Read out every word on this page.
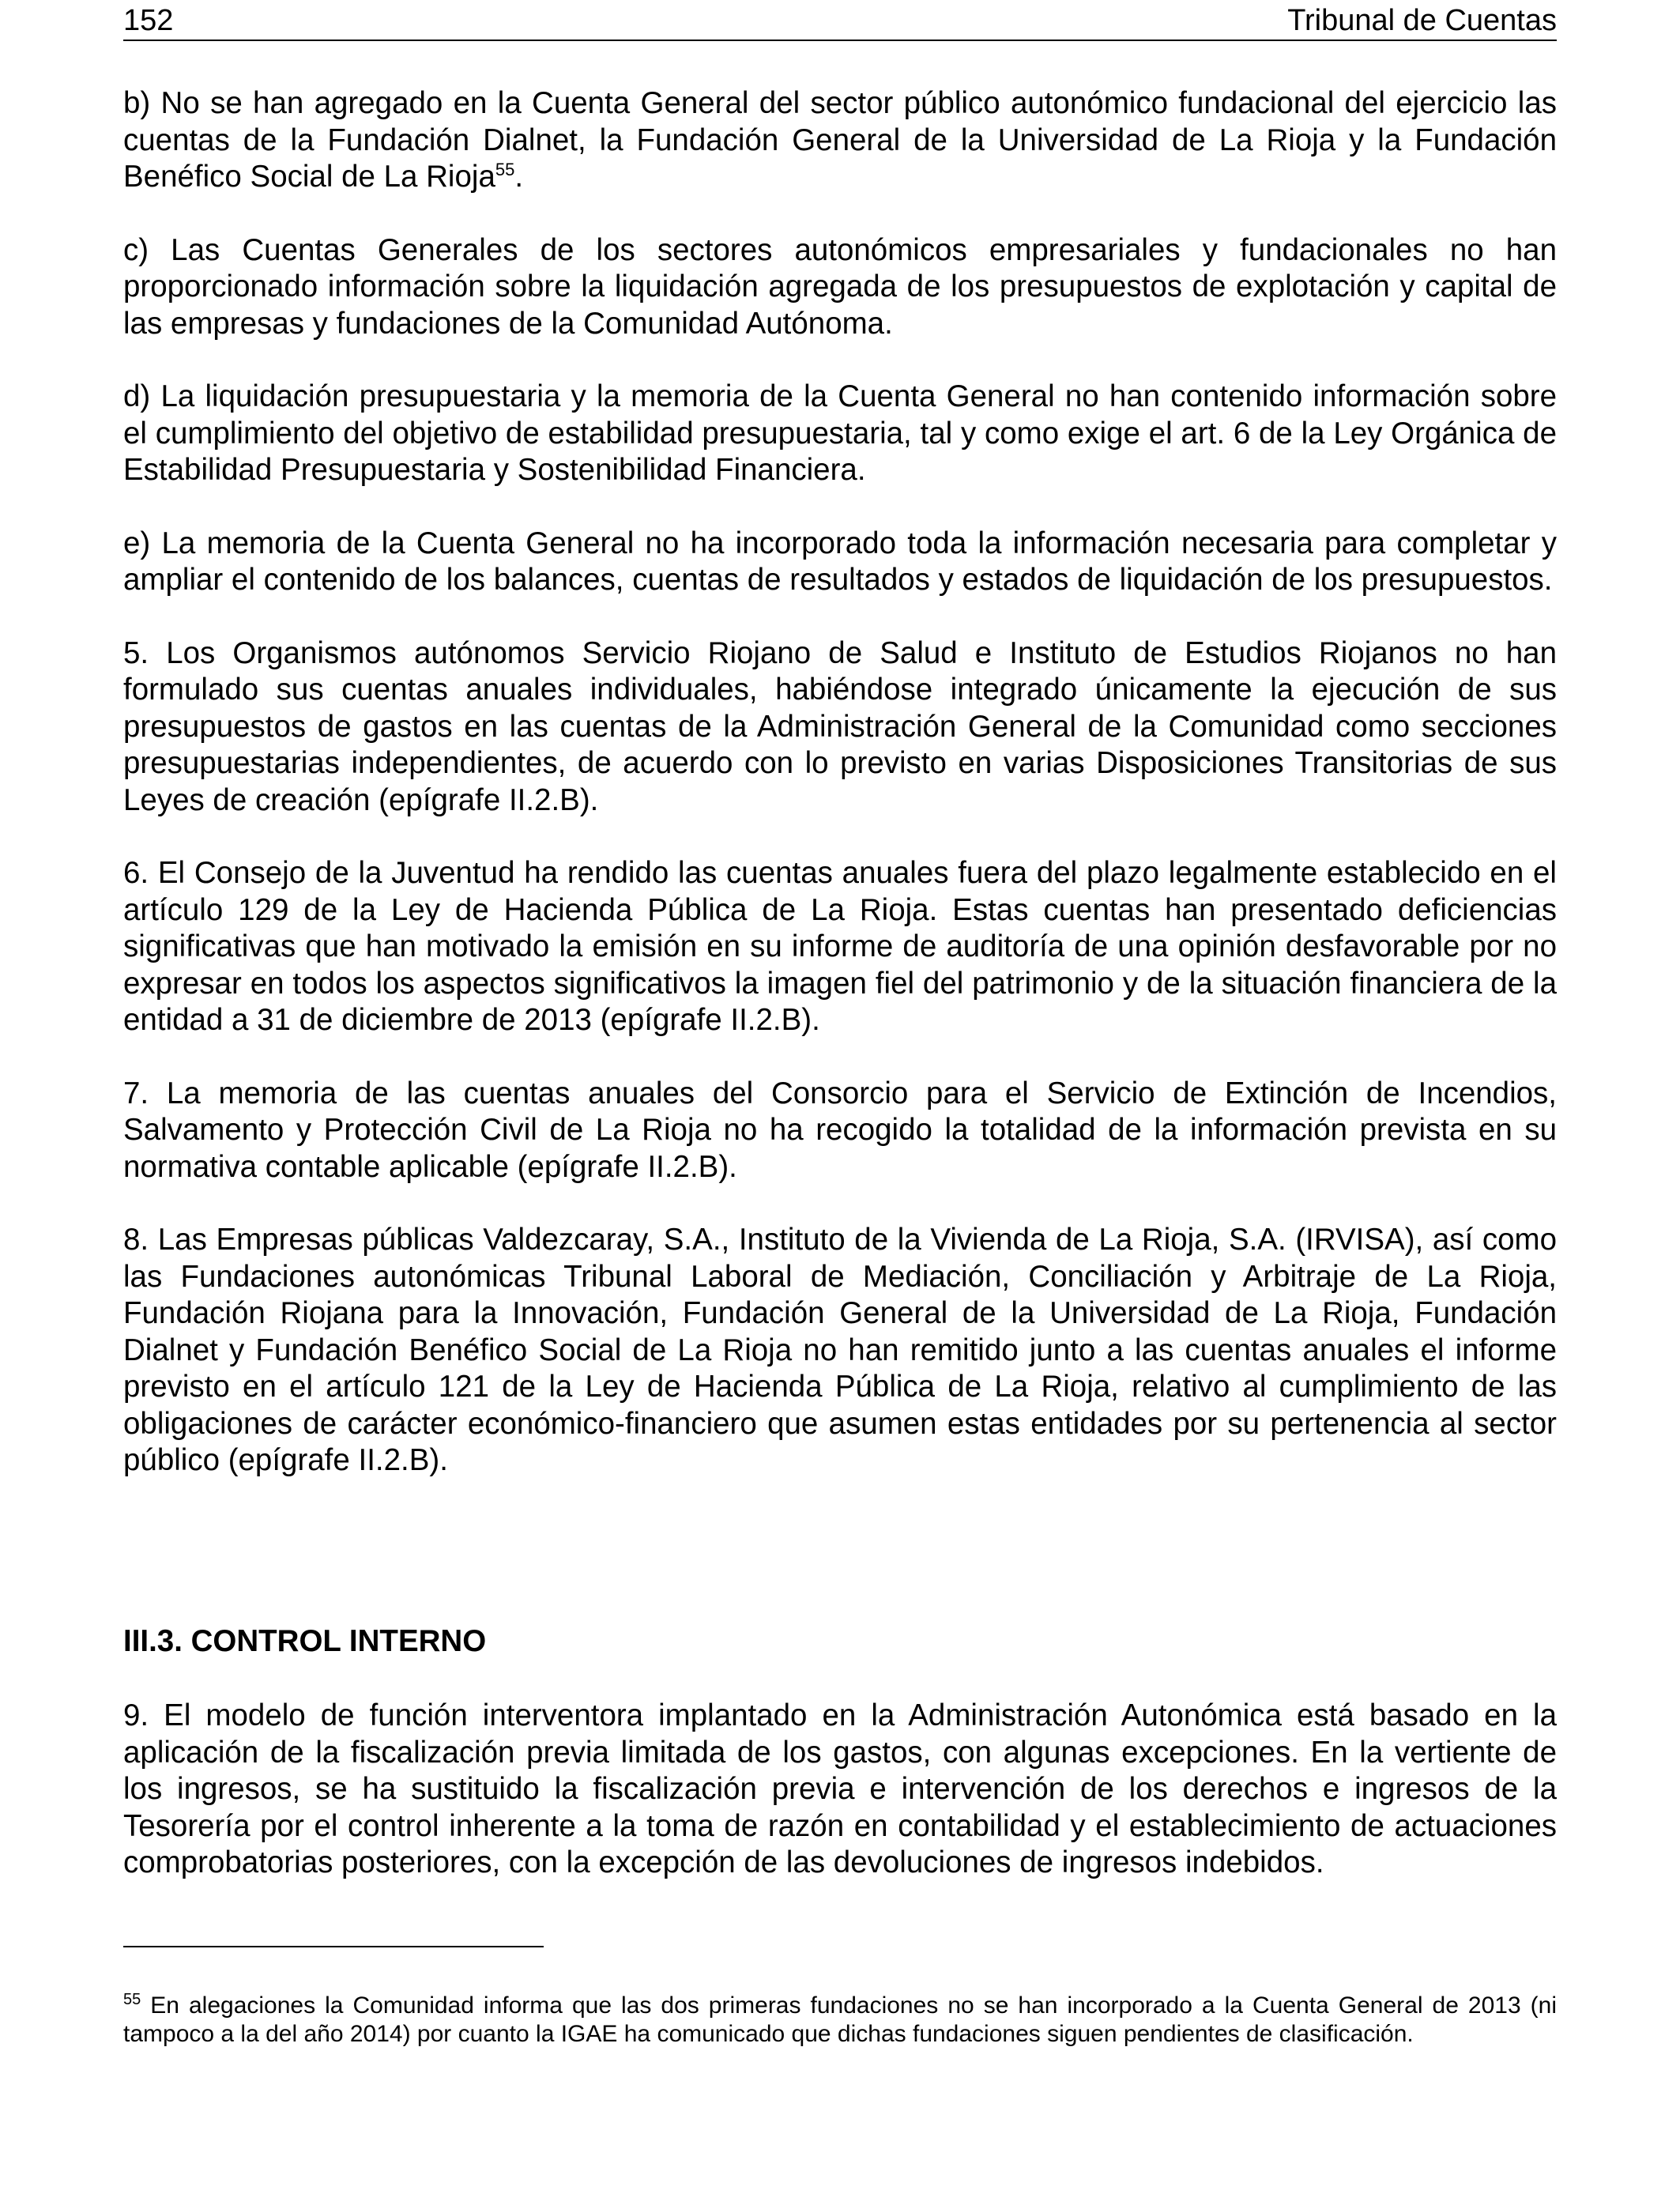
152	Tribunal de Cuentas

b) No se han agregado en la Cuenta General del sector público autonómico fundacional del ejercicio las cuentas de la Fundación Dialnet, la Fundación General de la Universidad de La Rioja y la Fundación Benéfico Social de La Rioja$^{55}$.

c) Las Cuentas Generales de los sectores autonómicos empresariales y fundacionales no han proporcionado información sobre la liquidación agregada de los presupuestos de explotación y capital de las empresas y fundaciones de la Comunidad Autónoma.

d) La liquidación presupuestaria y la memoria de la Cuenta General no han contenido información sobre el cumplimiento del objetivo de estabilidad presupuestaria, tal y como exige el art. 6 de la Ley Orgánica de Estabilidad Presupuestaria y Sostenibilidad Financiera.

e) La memoria de la Cuenta General no ha incorporado toda la información necesaria para completar y ampliar el contenido de los balances, cuentas de resultados y estados de liquidación de los presupuestos.

5. Los Organismos autónomos Servicio Riojano de Salud e Instituto de Estudios Riojanos no han formulado sus cuentas anuales individuales, habiéndose integrado únicamente la ejecución de sus presupuestos de gastos en las cuentas de la Administración General de la Comunidad como secciones presupuestarias independientes, de acuerdo con lo previsto en varias Disposiciones Transitorias de sus Leyes de creación (epígrafe II.2.B).

6. El Consejo de la Juventud ha rendido las cuentas anuales fuera del plazo legalmente establecido en el artículo 129 de la Ley de Hacienda Pública de La Rioja. Estas cuentas han presentado deficiencias significativas que han motivado la emisión en su informe de auditoría de una opinión desfavorable por no expresar en todos los aspectos significativos la imagen fiel del patrimonio y de la situación financiera de la entidad a 31 de diciembre de 2013 (epígrafe II.2.B).

7. La memoria de las cuentas anuales del Consorcio para el Servicio de Extinción de Incendios, Salvamento y Protección Civil de La Rioja no ha recogido la totalidad de la información prevista en su normativa contable aplicable (epígrafe II.2.B).

8. Las Empresas públicas Valdezcaray, S.A., Instituto de la Vivienda de La Rioja, S.A. (IRVISA), así como las Fundaciones autonómicas Tribunal Laboral de Mediación, Conciliación y Arbitraje de La Rioja, Fundación Riojana para la Innovación, Fundación General de la Universidad de La Rioja, Fundación Dialnet y Fundación Benéfico Social de La Rioja no han remitido junto a las cuentas anuales el informe previsto en el artículo 121 de la Ley de Hacienda Pública de La Rioja, relativo al cumplimiento de las obligaciones de carácter económico-financiero que asumen estas entidades por su pertenencia al sector público (epígrafe II.2.B).

III.3. CONTROL INTERNO

9. El modelo de función interventora implantado en la Administración Autonómica está basado en la aplicación de la fiscalización previa limitada de los gastos, con algunas excepciones. En la vertiente de los ingresos, se ha sustituido la fiscalización previa e intervención de los derechos e ingresos de la Tesorería por el control inherente a la toma de razón en contabilidad y el establecimiento de actuaciones comprobatorias posteriores, con la excepción de las devoluciones de ingresos indebidos.

$^{55}$ En alegaciones la Comunidad informa que las dos primeras fundaciones no se han incorporado a la Cuenta General de 2013 (ni tampoco a la del año 2014) por cuanto la IGAE ha comunicado que dichas fundaciones siguen pendientes de clasificación.
